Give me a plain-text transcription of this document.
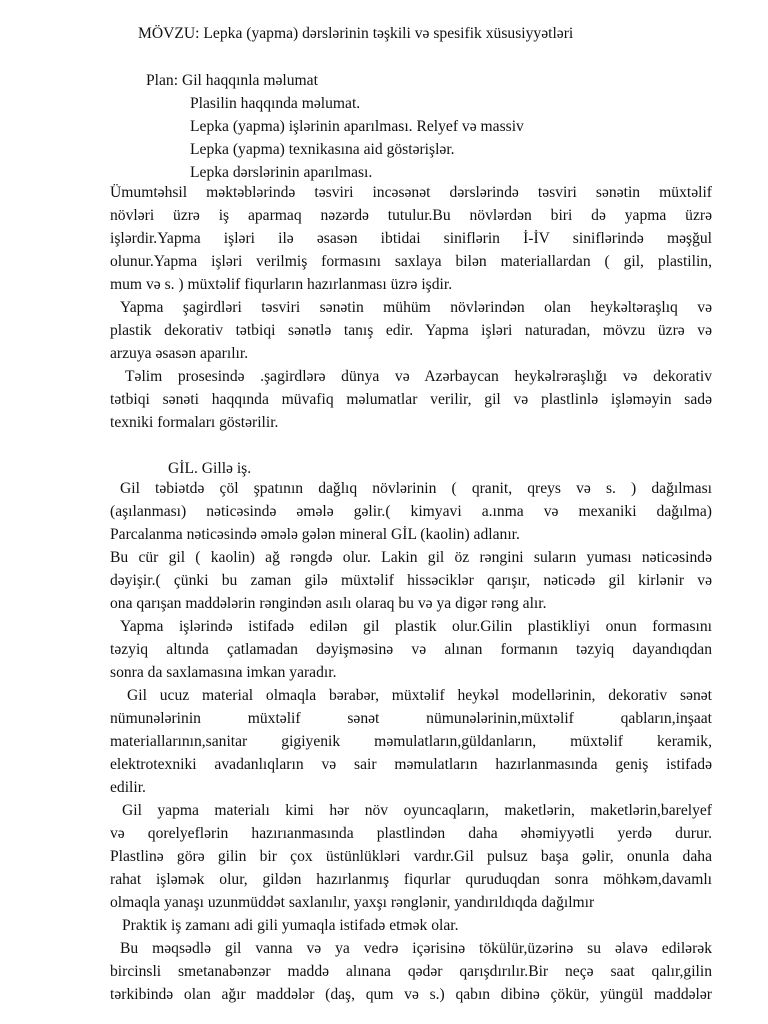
MÖVZU: Lepka (yapma) dərslərinin təşkili və spesifik xüsusiyyətləri
Plan: Gil haqqınla məlumat
Plasilin haqqında məlumat.
Lepka (yapma) işlərinin aparılması. Relyef və massiv
Lepka (yapma) texnikasına aid göstərişlər.
Lepka dərslərinin aparılması.
Ümumtəhsil məktəblərində təsviri incəsənət dərslərində təsviri sənətin müxtəlif
növləri üzrə iş aparmaq nəzərdə tutulur.Bu növlərdən biri də yapma üzrə
işlərdir.Yapma işləri ilə əsasən ibtidai siniflərin İ-İV siniflərində məşğul
olunur.Yapma işləri verilmiş formasını saxlaya bilən materiallardan ( gil, plastilin,
mum və s. ) müxtəlif fiqurların hazırlanması üzrə işdir.
Yapma şagirdləri təsviri sənətin mühüm növlərindən olan heykəltəraşlıq və
plastik dekorativ tətbiqi sənətlə tanış edir. Yapma işləri naturadan, mövzu üzrə və
arzuya əsasən aparılır.
Təlim prosesində .şagirdlərə dünya və Azərbaycan heykəlrəraşlığı və dekorativ
tətbiqi sənəti haqqında müvafiq məlumatlar verilir, gil və plastlinlə işləməyin sadə
texniki formaları göstərilir.
GİL. Gillə iş.
Gil təbiətdə çöl şpatının dağlıq növlərinin ( qranit, qreys və s. ) dağılması
(aşılanması) nəticəsində əmələ gəlir.( kimyavi a.ınma və mexaniki dağılma)
Parcalanma nəticəsində əmələ gələn mineral GİL (kaolin) adlanır.
Bu cür gil ( kaolin) ağ rəngdə olur. Lakin gil öz rəngini suların yuması nəticəsində
dəyişir.( çünki bu zaman gilə müxtəlif hissəciklər qarışır, nəticədə gil kirlənir və
ona qarışan maddələrin rəngindən asılı olaraq bu və ya digər rəng alır.
Yapma işlərində istifadə edilən gil plastik olur.Gilin plastikliyi onun formasını
təzyiq altında çatlamadan dəyişməsinə və alınan formanın təzyiq dayandıqdan
sonra da saxlamasına imkan yaradır.
Gil ucuz material olmaqla bərabər, müxtəlif heykəl modellərinin, dekorativ sənət
nümunələrinin müxtəlif sənət nümunələrinin,müxtəlif qabların,inşaat
materiallarının,sanitar gigiyenik məmulatların,güldanların, müxtəlif keramik,
elektrotexniki avadanlıqların və sair məmulatların hazırlanmasında geniş istifadə
edilir.
Gil yapma materialı kimi hər növ oyuncaqların, maketlərin, maketlərin,barelyef
və qorelyeflərin hazırıanmasında plastlindən daha əhəmiyyətli yerdə durur.
Plastlinə görə gilin bir çox üstünlükləri vardır.Gil pulsuz başa gəlir, onunla daha
rahat işləmək olur, gildən hazırlanmış fiqurlar quruduqdan sonra möhkəm,davamlı
olmaqla yanaşı uzunmüddət saxlanılır, yaxşı rənglənir, yandırıldıqda dağılmır
Praktik iş zamanı adi gili yumaqla istifadə etmək olar.
Bu məqsədlə gil vanna və ya vedrə içərisinə tökülür,üzərinə su əlavə edilərək
bircinsli smetanabənzər maddə alınana qədər qarışdırılır.Bir neçə saat qalır,gilin
tərkibində olan ağır maddələr (daş, qum və s.) qabın dibinə çökür, yüngül maddələr
